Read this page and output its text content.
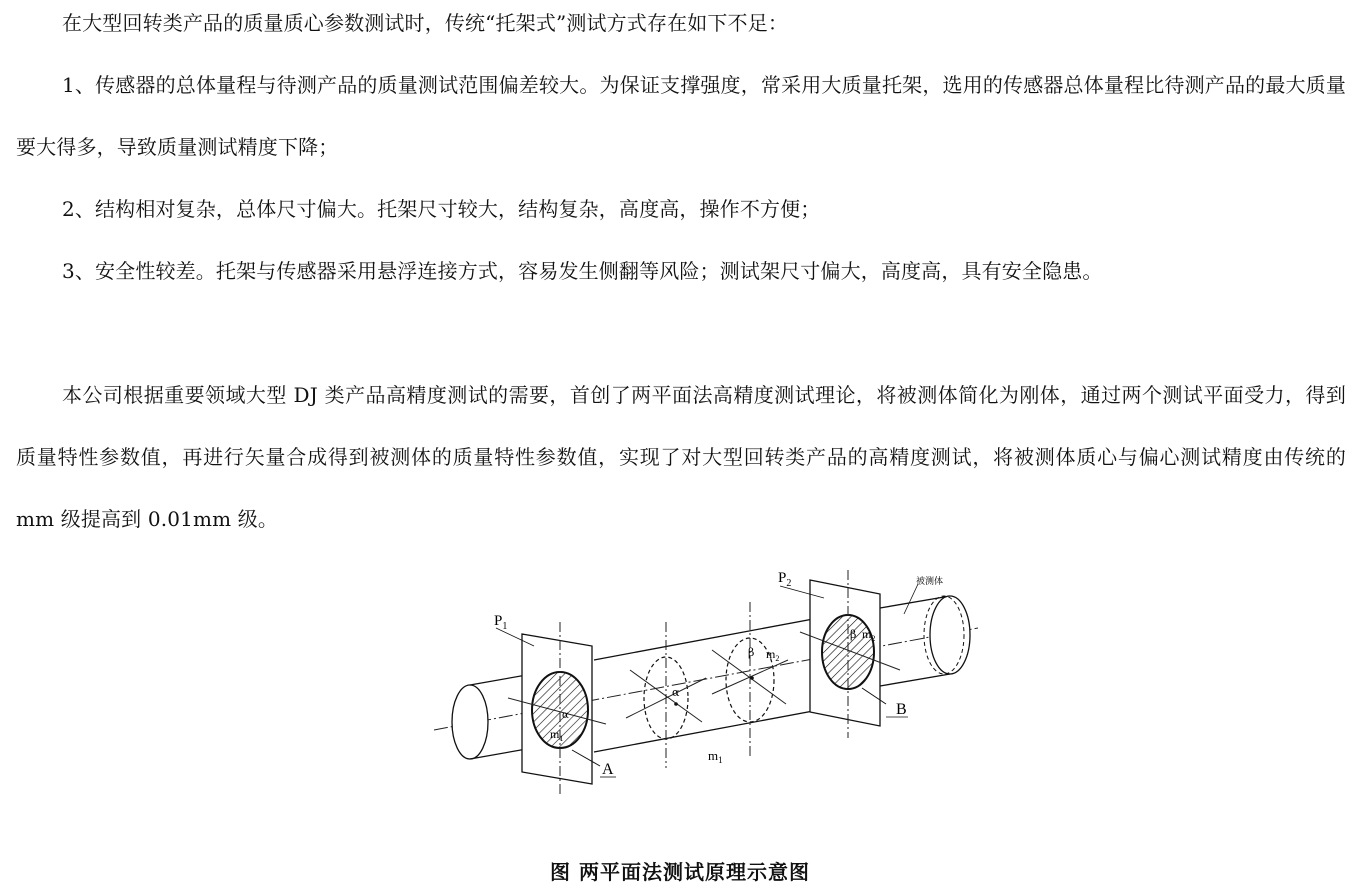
在大型回转类产品的质量质心参数测试时，传统“托架式”测试方式存在如下不足：

1、传感器的总体量程与待测产品的质量测试范围偏差较大。为保证支撑强度，常采用大质量托架，选用的传感器总体量程比待测产品的最大质量要大得多，导致质量测试精度下降；

2、结构相对复杂，总体尺寸偏大。托架尺寸较大，结构复杂，高度高，操作不方便；

3、安全性较差。托架与传感器采用悬浮连接方式，容易发生侧翻等风险；测试架尺寸偏大，高度高，具有安全隐患。

本公司根据重要领域大型 DJ 类产品高精度测试的需要，首创了两平面法高精度测试理论，将被测体简化为刚体，通过两个测试平面受力，得到质量特性参数值，再进行矢量合成得到被测体的质量特性参数值，实现了对大型回转类产品的高精度测试，将被测体质心与偏心测试精度由传统的 mm 级提高到 0.01mm 级。

$P_1$
$P_2$	被测体
A
B
$m_1$
$m_1$
$m_2$
$m_2$
α
α
β
β
图 两平面法测试原理示意图
